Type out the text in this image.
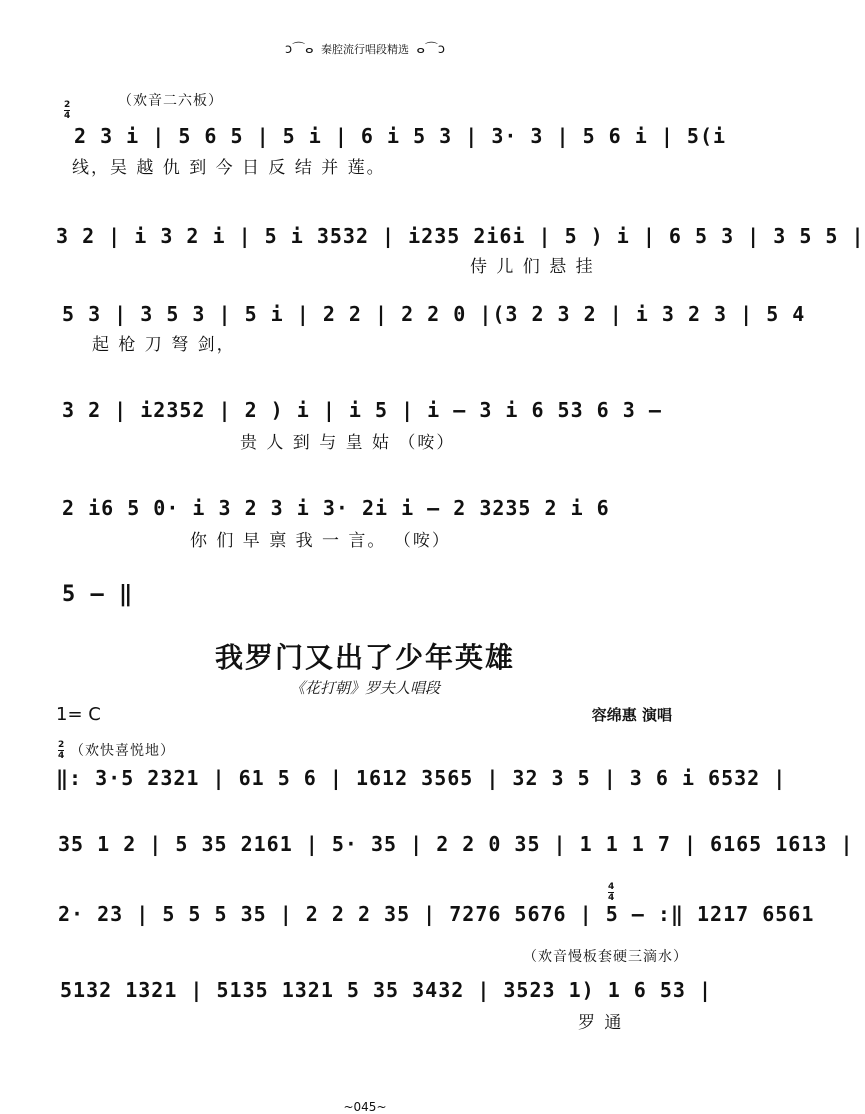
ↄ⌒ⴰ 秦腔流行唱段精选 ⴰ⌒ↄ
（欢音二六板）
2
4
2 3 i | 5 6 5 | 5 i | 6 i 5 3 | 3· 3 | 5 6 i | 5(i
线，吴 越 仇 到 今 日 反 结 并 莲。
3 2 | i 3 2 i | 5 i 3532 | i235 2i6i | 5 ) i | 6 5 3 | 3 5 5 |
侍 儿 们 悬 挂
5 3 | 3 5 3 | 5 i | 2 2 | 2 2 0 |(3 2 3 2 | i 3 2 3 | 5 4
起 枪 刀 弩 剑，
3 2 | i2352 | 2 ) i | i 5 | i — 3 i 6 53 6 3 —
贵 人 到 与 皇 姑 （咹）
2 i6 5 0· i 3 2 3 i 3· 2i i — 2 3235 2 i 6
你 们 早 禀 我 一 言。 （咹）
5 — ‖
我罗门又出了少年英雄
《花打朝》罗夫人唱段
1= C	容绵惠 演唱
2
4 （欢快喜悦地）
‖: 3·5 2321 | 61 5 6 | 1612 3565 | 32 3 5 | 3 6 i 6532 |
35 1 2 | 5 35 2161 | 5· 35 | 2 2 0 35 | 1 1 1 7 | 6165 1613 |
4
4
2· 23 | 5 5 5 35 | 2 2 2 35 | 7276 5676 | 5 — :‖ 1217 6561
（欢音慢板套硬三滴水）
5132 1321 | 5135 1321 5 35 3432 | 3523 1) 1 6 53 |
罗 通
~045~
